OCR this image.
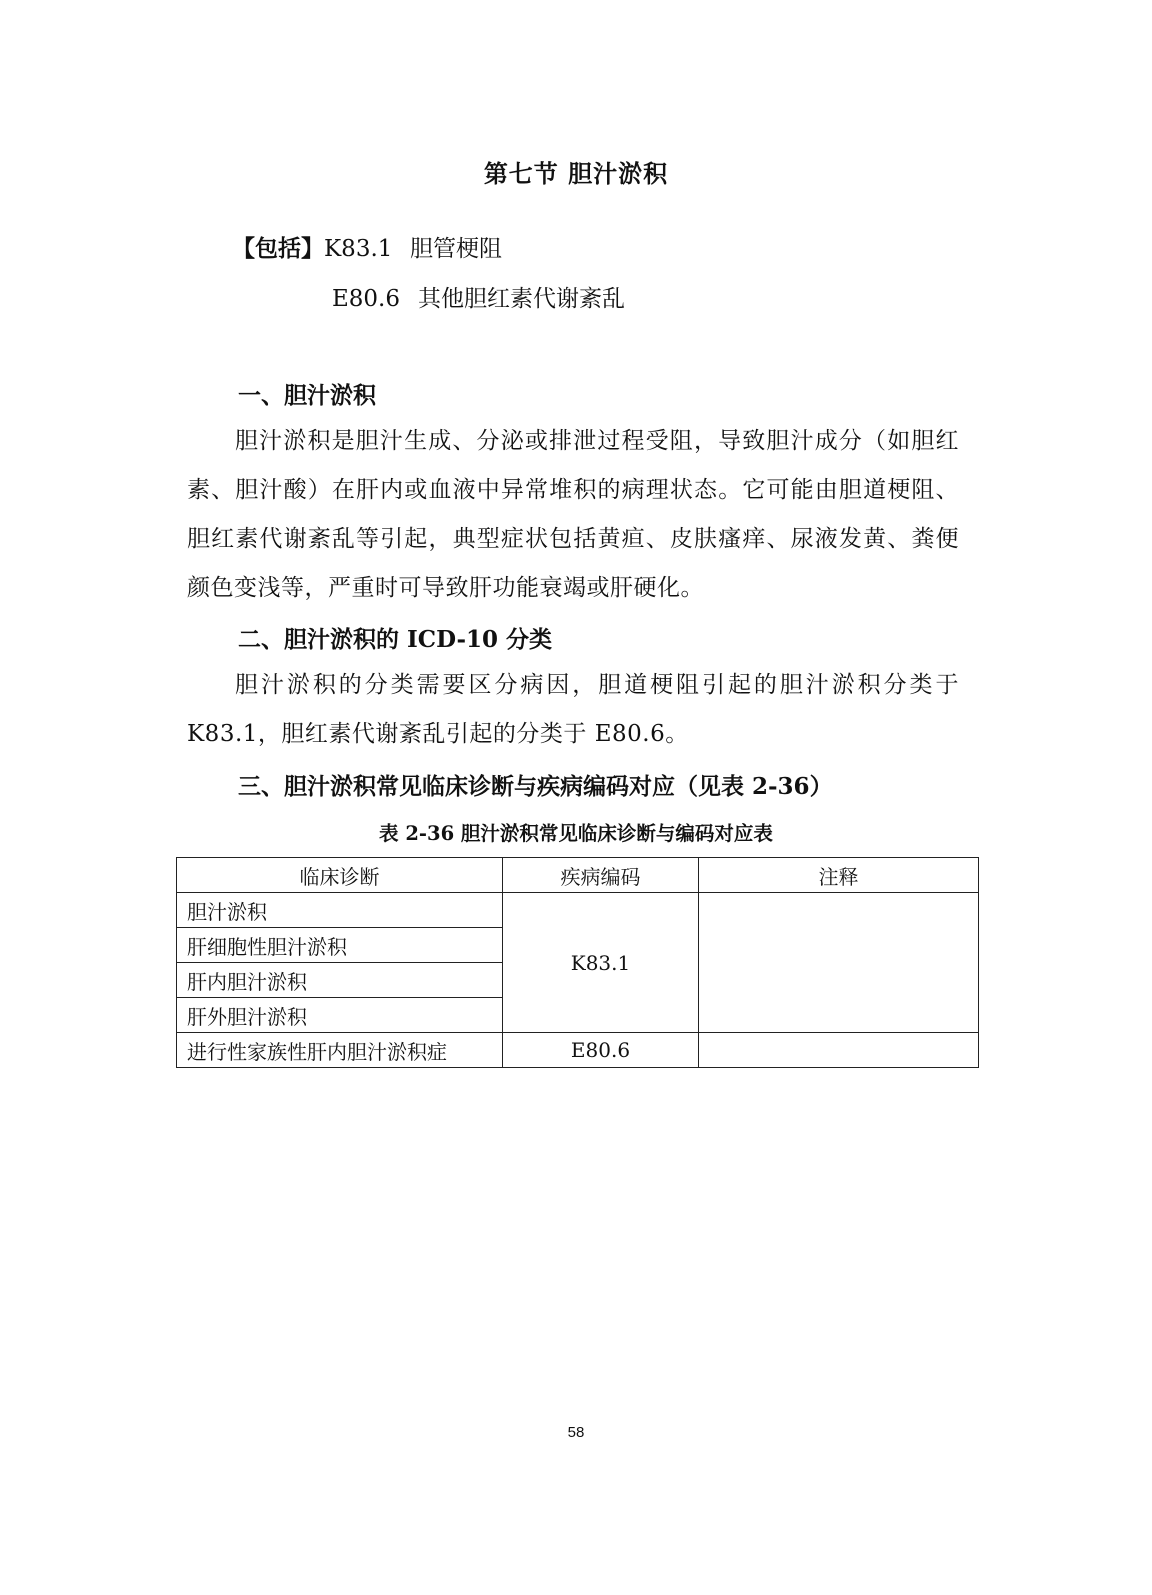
第七节 胆汁淤积
【包括】K83.1 胆管梗阻
E80.6 其他胆红素代谢紊乱
一、胆汁淤积
胆汁淤积是胆汁生成、分泌或排泄过程受阻，导致胆汁成分（如胆红素、胆汁酸）在肝内或血液中异常堆积的病理状态。它可能由胆道梗阻、胆红素代谢紊乱等引起，典型症状包括黄疸、皮肤瘙痒、尿液发黄、粪便颜色变浅等，严重时可导致肝功能衰竭或肝硬化。
二、胆汁淤积的 ICD-10 分类
胆汁淤积的分类需要区分病因，胆道梗阻引起的胆汁淤积分类于K83.1，胆红素代谢紊乱引起的分类于 E80.6。
三、胆汁淤积常见临床诊断与疾病编码对应（见表 2-36）
表 2-36 胆汁淤积常见临床诊断与编码对应表
临床诊断	疾病编码	注释
胆汁淤积	K83.1	
肝细胞性胆汁淤积		
肝内胆汁淤积		
肝外胆汁淤积		
进行性家族性肝内胆汁淤积症	E80.6	
58
